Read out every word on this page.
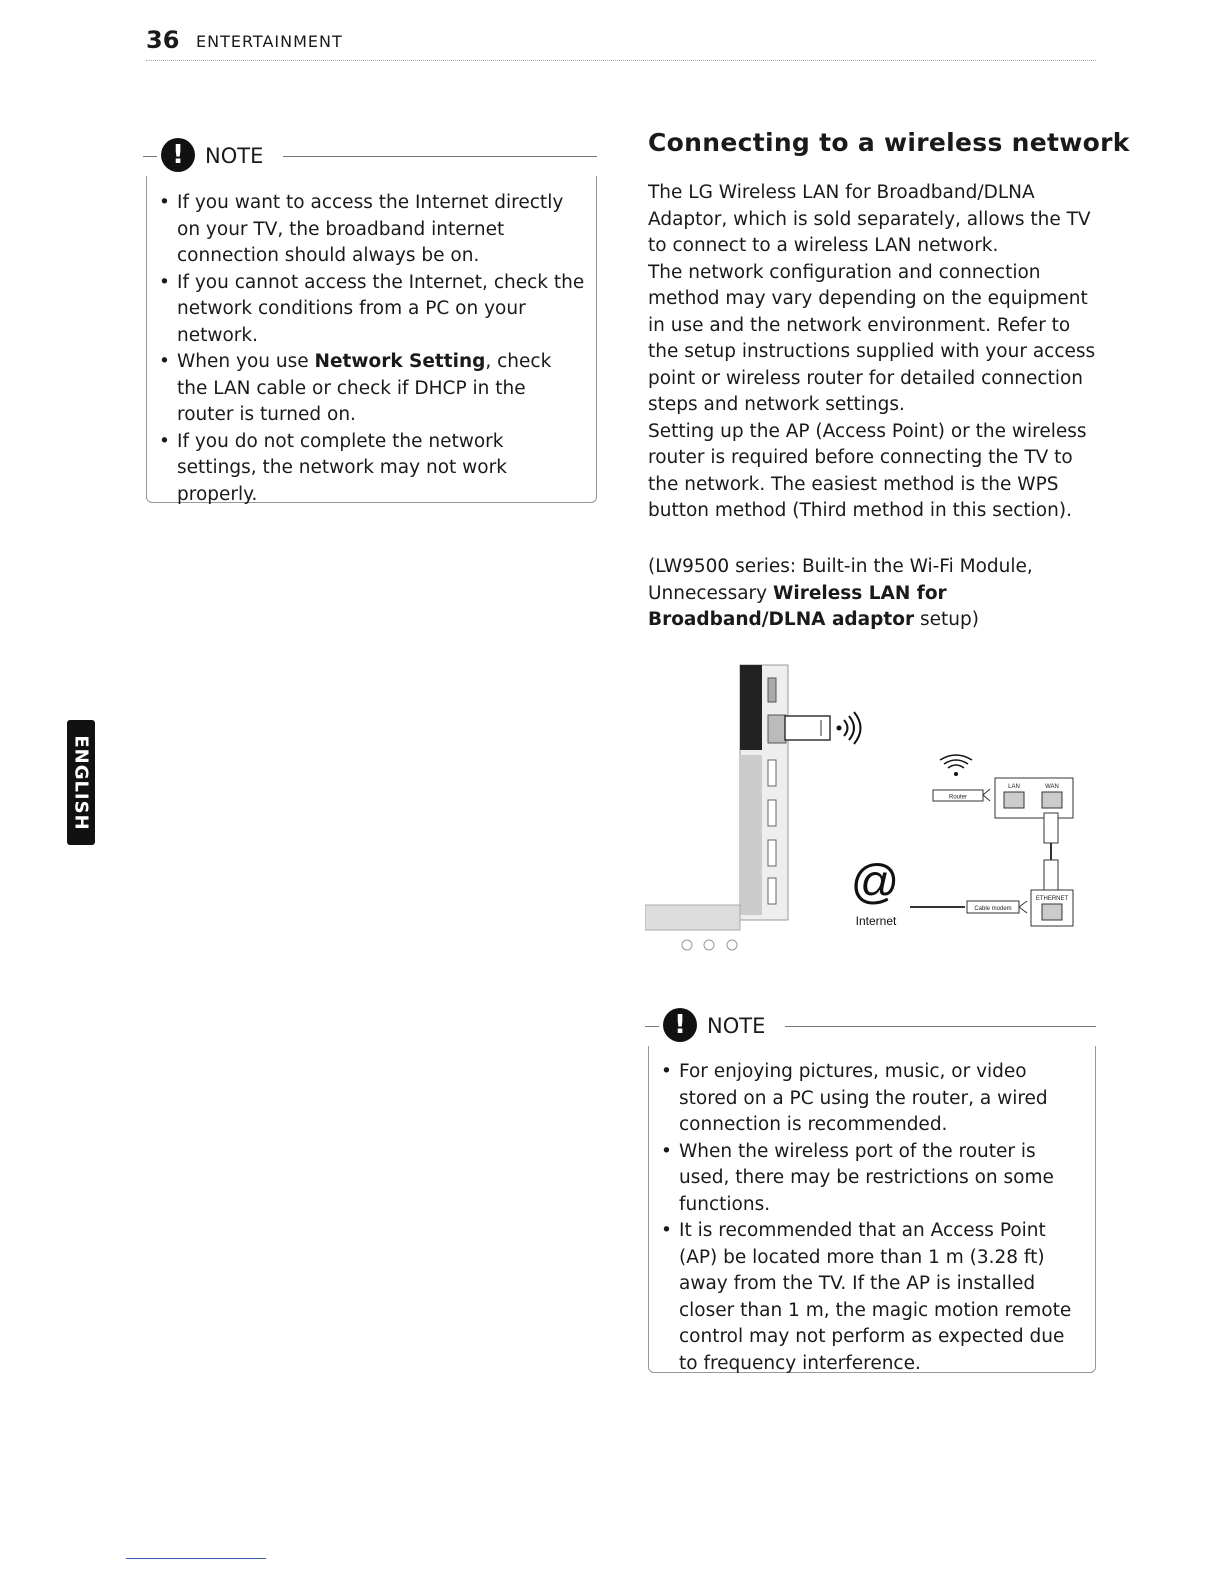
36 ENTERTAINMENT
ENGLISH
!	NOTE
• If you want to access the Internet directly on your TV, the broadband internet connection should always be on.
• If you cannot access the Internet, check the network conditions from a PC on your network.
• When you use Network Setting, check the LAN cable or check if DHCP in the router is turned on.
• If you do not complete the network settings, the network may not work properly.
Connecting to a wireless network

The LG Wireless LAN for Broadband/DLNA Adaptor, which is sold separately, allows the TV to connect to a wireless LAN network.

The network configuration and connection method may vary depending on the equipment in use and the network environment. Refer to the setup instructions supplied with your access point or wireless router for detailed connection steps and network settings.

Setting up the AP (Access Point) or the wireless router is required before connecting the TV to the network. The easiest method is the WPS button method (Third method in this section).

(LW9500 series: Built-in the Wi-Fi Module, Unnecessary Wireless LAN for Broadband/DLNA adaptor setup)

Router
LAN	WAN
ETHERNET
Cable modem
@
Internet
!	NOTE
• For enjoying pictures, music, or video stored on a PC using the router, a wired connection is recommended.
• When the wireless port of the router is used, there may be restrictions on some functions.
• It is recommended that an Access Point (AP) be located more than 1 m (3.28 ft) away from the TV. If the AP is installed closer than 1 m, the magic motion remote control may not perform as expected due to frequency interference.
